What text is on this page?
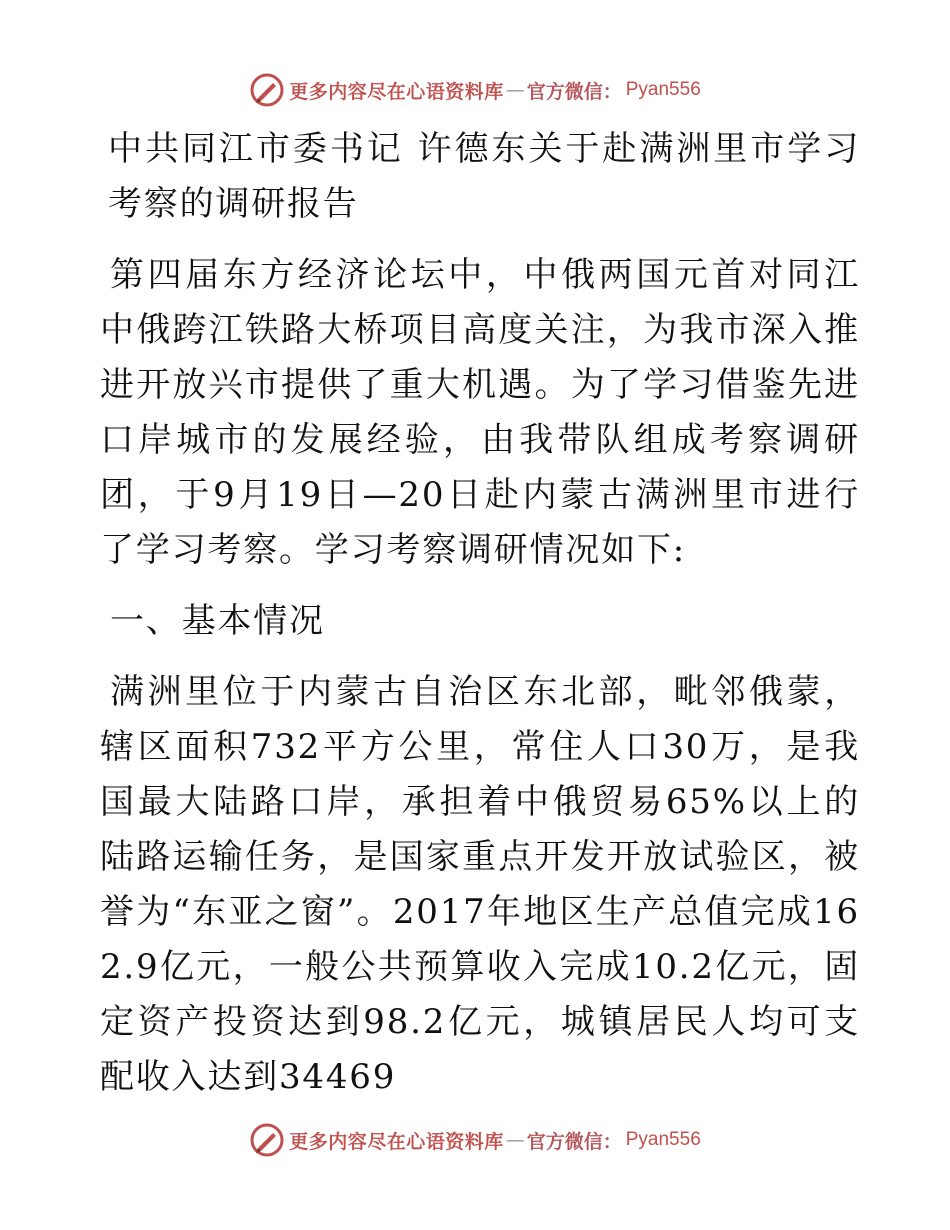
更多内容尽在心语资料库 — 官方微信： Pyan556

中共同江市委书记 许德东关于赴满洲里市学习考察的调研报告

第四届东方经济论坛中，中俄两国元首对同江中俄跨江铁路大桥项目高度关注，为我市深入推进开放兴市提供了重大机遇。为了学习借鉴先进口岸城市的发展经验，由我带队组成考察调研团，于9月19日—20日赴内蒙古满洲里市进行了学习考察。学习考察调研情况如下:

一、基本情况

满洲里位于内蒙古自治区东北部，毗邻俄蒙，辖区面积732平方公里，常住人口30万，是我国最大陆路口岸，承担着中俄贸易65%以上的陆路运输任务，是国家重点开发开放试验区，被誉为“东亚之窗”。2017年地区生产总值完成162.9亿元，一般公共预算收入完成10.2亿元，固定资产投资达到98.2亿元，城镇居民人均可支配收入达到34469

更多内容尽在心语资料库 — 官方微信： Pyan556
